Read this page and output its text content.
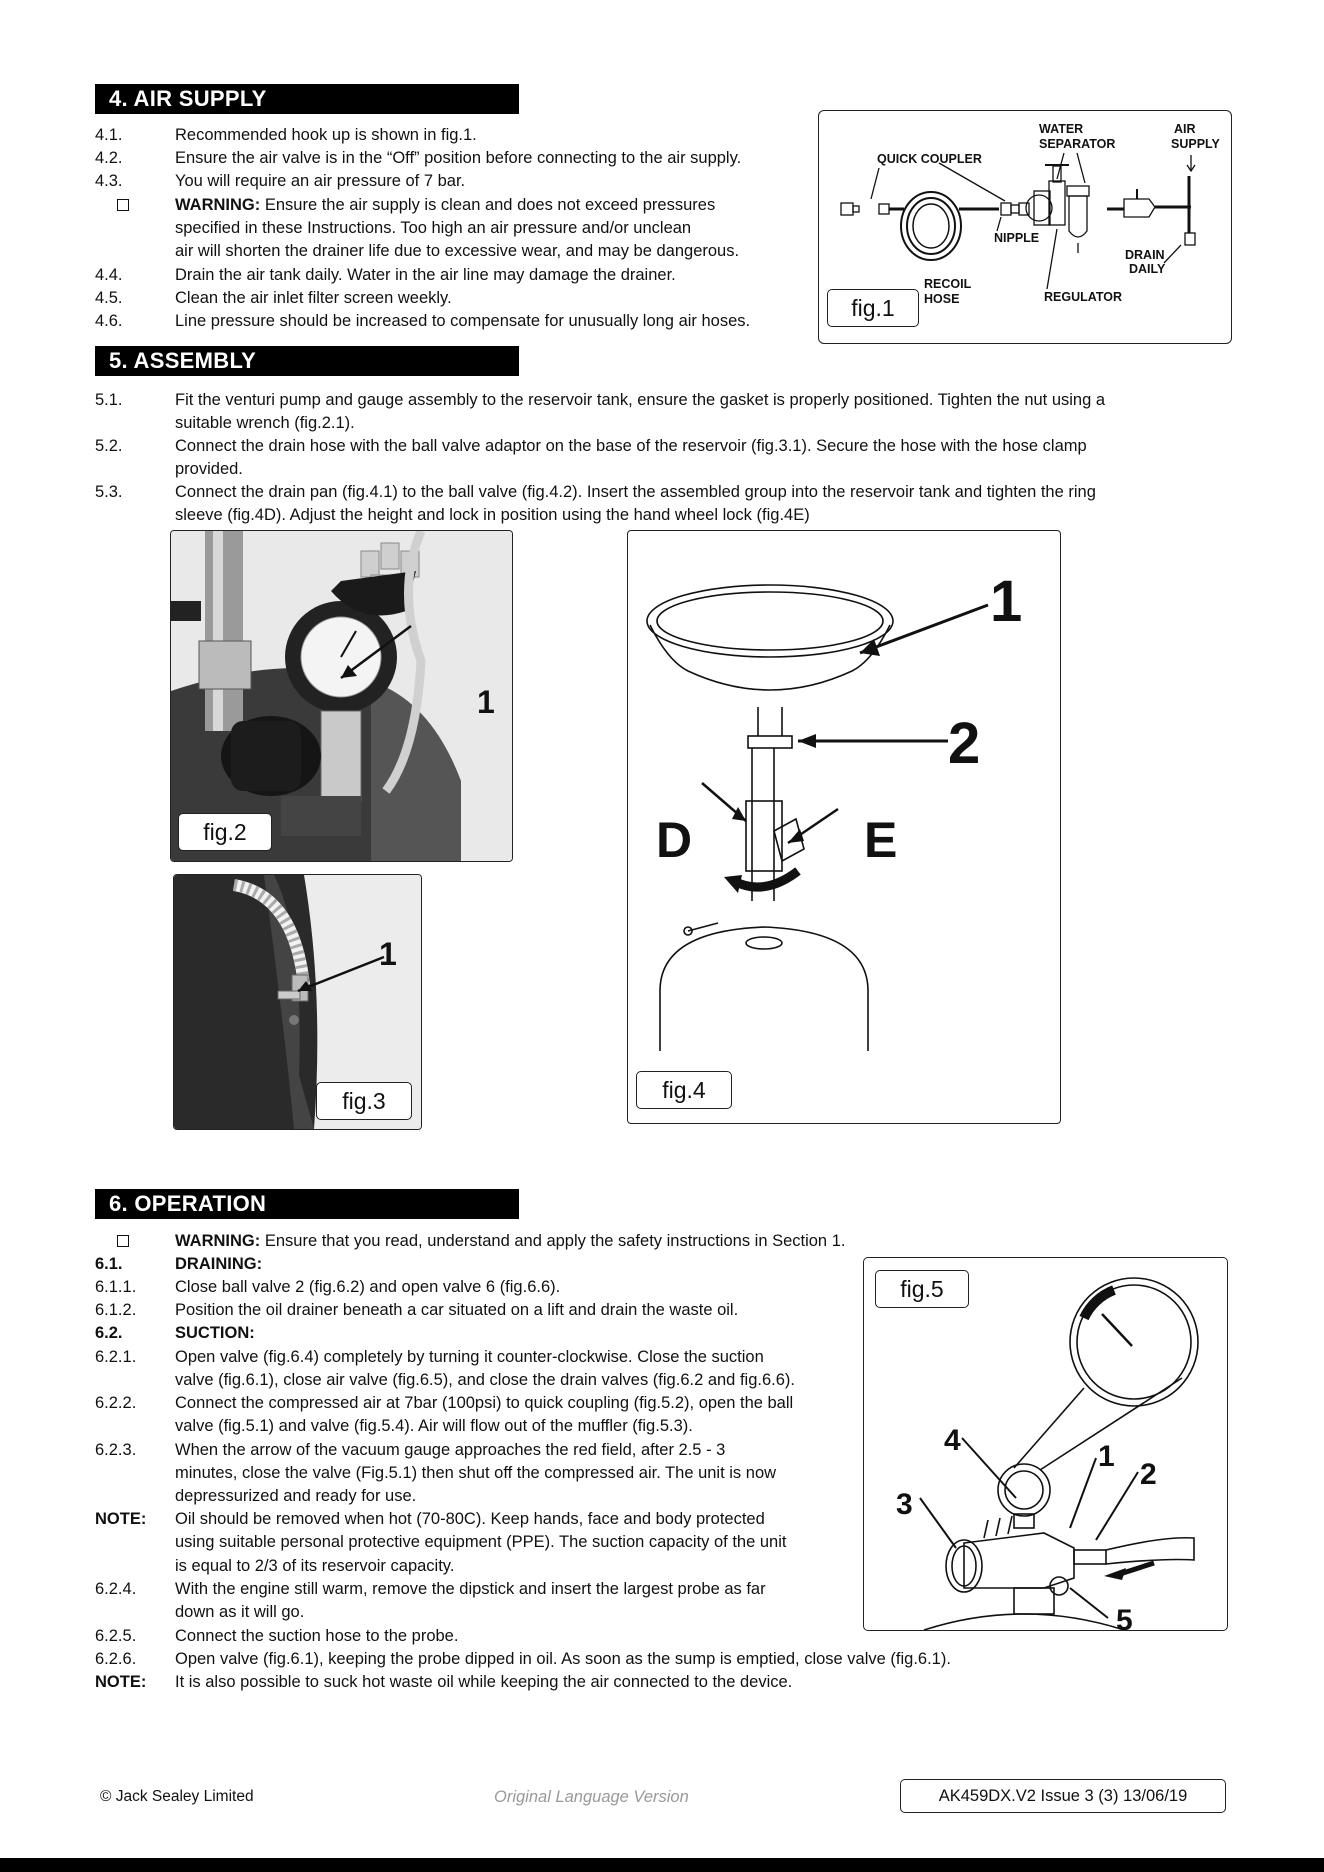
4. AIR SUPPLY
4.1.	Recommended hook up is shown in fig.1.
4.2.	Ensure the air valve is in the “Off” position before connecting to the air supply.
4.3.	You will require an air pressure of 7 bar.
WARNING: Ensure the air supply is clean and does not exceed pressures
specified in these Instructions. Too high an air pressure and/or unclean
air will shorten the drainer life due to excessive wear, and may be dangerous.
4.4.	Drain the air tank daily. Water in the air line may damage the drainer.
4.5.	Clean the air inlet filter screen weekly.
4.6.	Line pressure should be increased to compensate for unusually long air hoses.
WATER
SEPARATOR
AIR
SUPPLY
QUICK COUPLER
NIPPLE
DRAIN
DAILY
RECOIL
HOSE	REGULATOR
fig.1
5. ASSEMBLY
5.1.	Fit the venturi pump and gauge assembly to the reservoir tank, ensure the gasket is properly positioned. Tighten the nut using a
suitable wrench (fig.2.1).
5.2.	Connect the drain hose with the ball valve adaptor on the base of the reservoir (fig.3.1). Secure the hose with the hose clamp
provided.
5.3.	Connect the drain pan (fig.4.1) to the ball valve (fig.4.2). Insert the assembled group into the reservoir tank and tighten the ring
sleeve (fig.4D). Adjust the height and lock in position using the hand wheel lock (fig.4E)
1
fig.2
1
fig.3
1
2
D	E
fig.4
6. OPERATION
WARNING: Ensure that you read, understand and apply the safety instructions in Section 1.
6.1.	DRAINING:
6.1.1.	Close ball valve 2 (fig.6.2) and open valve 6 (fig.6.6).
6.1.2.	Position the oil drainer beneath a car situated on a lift and drain the waste oil.
6.2.	SUCTION:
6.2.1.	Open valve (fig.6.4) completely by turning it counter-clockwise. Close the suction
valve (fig.6.1), close air valve (fig.6.5), and close the drain valves (fig.6.2 and fig.6.6).
6.2.2.	Connect the compressed air at 7bar (100psi) to quick coupling (fig.5.2), open the ball
valve (fig.5.1) and valve (fig.5.4). Air will flow out of the muffler (fig.5.3).
6.2.3.	When the arrow of the vacuum gauge approaches the red field, after 2.5 - 3
minutes, close the valve (Fig.5.1) then shut off the compressed air. The unit is now
depressurized and ready for use.
NOTE:	Oil should be removed when hot (70-80C). Keep hands, face and body protected
using suitable personal protective equipment (PPE). The suction capacity of the unit
is equal to 2/3 of its reservoir capacity.
6.2.4.	With the engine still warm, remove the dipstick and insert the largest probe as far
down as it will go.
6.2.5.	Connect the suction hose to the probe.
6.2.6.	Open valve (fig.6.1), keeping the probe dipped in oil. As soon as the sump is emptied, close valve (fig.6.1).
NOTE:	It is also possible to suck hot waste oil while keeping the air connected to the device.
1
2
3
4
5
fig.5
© Jack Sealey Limited	Original Language Version	AK459DX.V2 Issue 3 (3) 13/06/19
